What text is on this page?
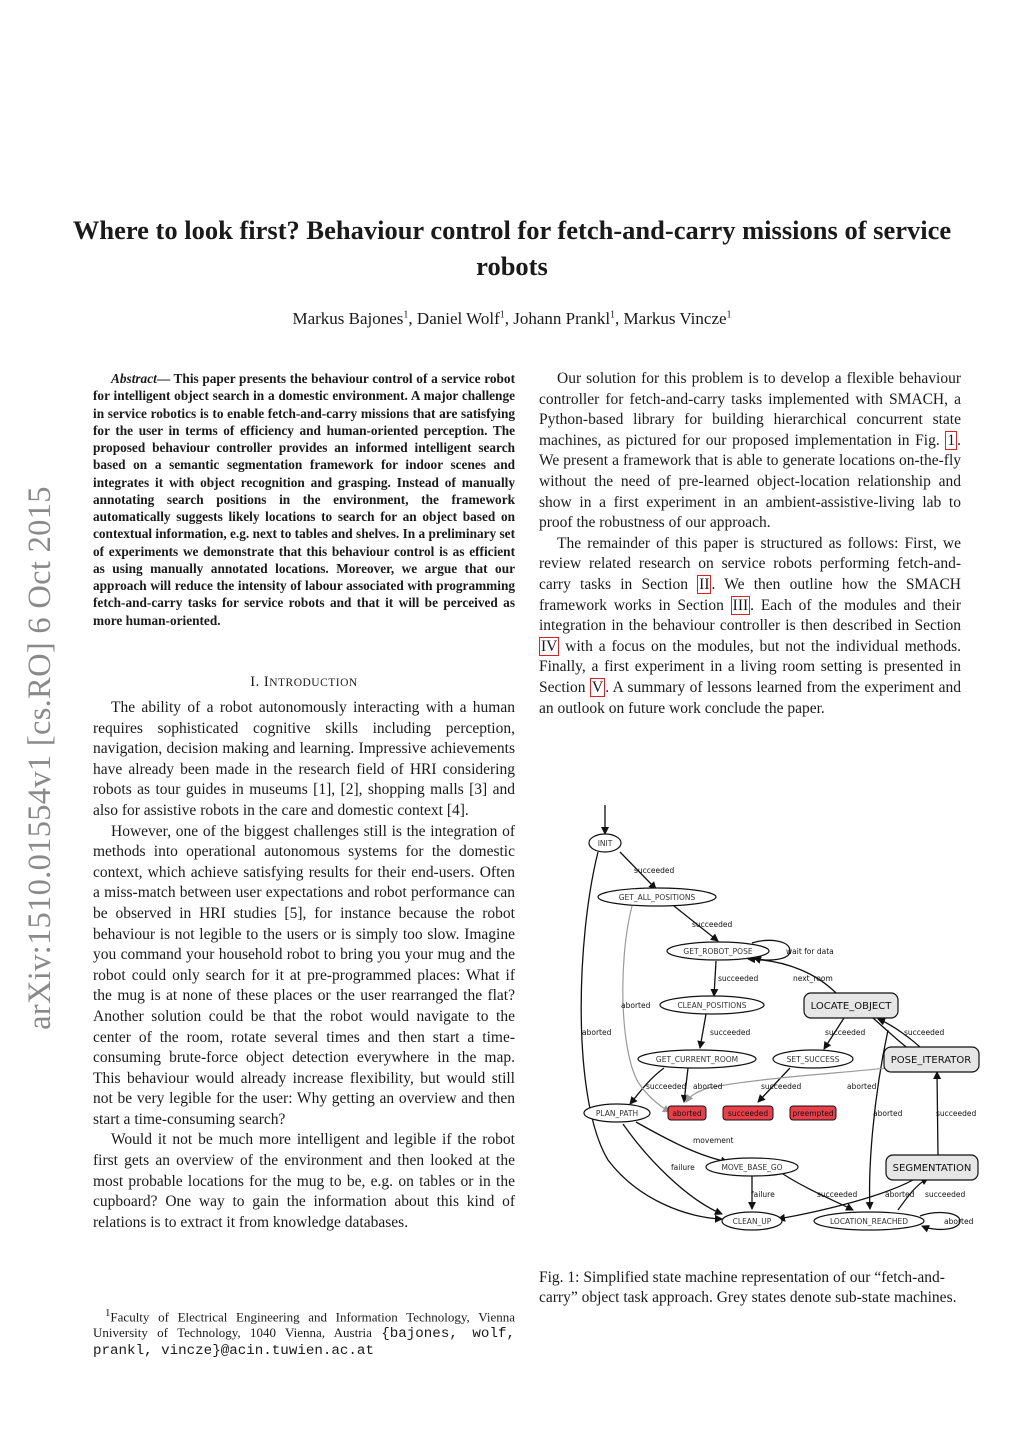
Where to look first? Behaviour control for fetch-and-carry missions of service robots
Markus Bajones$^1$, Daniel Wolf$^1$, Johann Prankl$^1$, Markus Vincze$^1$
arXiv:1510.01554v1 [cs.RO] 6 Oct 2015
Abstract— This paper presents the behaviour control of a service robot for intelligent object search in a domestic environment. A major challenge in service robotics is to enable fetch-and-carry missions that are satisfying for the user in terms of efficiency and human-oriented perception. The proposed behaviour controller provides an informed intelligent search based on a semantic segmentation framework for indoor scenes and integrates it with object recognition and grasping. Instead of manually annotating search positions in the environment, the framework automatically suggests likely locations to search for an object based on contextual information, e.g. next to tables and shelves. In a preliminary set of experiments we demonstrate that this behaviour control is as efficient as using manually annotated locations. Moreover, we argue that our approach will reduce the intensity of labour associated with programming fetch-and-carry tasks for service robots and that it will be perceived as more human-oriented.
I. INTRODUCTION

The ability of a robot autonomously interacting with a human requires sophisticated cognitive skills including perception, navigation, decision making and learning. Impressive achievements have already been made in the research field of HRI considering robots as tour guides in museums [1], [2], shopping malls [3] and also for assistive robots in the care and domestic context [4].

However, one of the biggest challenges still is the integration of methods into operational autonomous systems for the domestic context, which achieve satisfying results for their end-users. Often a miss-match between user expectations and robot performance can be observed in HRI studies [5], for instance because the robot behaviour is not legible to the users or is simply too slow. Imagine you command your household robot to bring you your mug and the robot could only search for it at pre-programmed places: What if the mug is at none of these places or the user rearranged the flat? Another solution could be that the robot would navigate to the center of the room, rotate several times and then start a time-consuming brute-force object detection everywhere in the map. This behaviour would already increase flexibility, but would still not be very legible for the user: Why getting an overview and then start a time-consuming search?

Would it not be much more intelligent and legible if the robot first gets an overview of the environment and then looked at the most probable locations for the mug to be, e.g. on tables or in the cupboard? One way to gain the information about this kind of relations is to extract it from knowledge databases.

$^1$Faculty of Electrical Engineering and Information Technology, Vienna University of Technology, 1040 Vienna, Austria {bajones, wolf, prankl, vincze}@acin.tuwien.ac.at

Our solution for this problem is to develop a flexible behaviour controller for fetch-and-carry tasks implemented with SMACH, a Python-based library for building hierarchical concurrent state machines, as pictured for our proposed implementation in Fig. 1 . We present a framework that is able to generate locations on-the-fly without the need of pre-learned object-location relationship and show in a first experiment in an ambient-assistive-living lab to proof the robustness of our approach.

The remainder of this paper is structured as follows: First, we review related research on service robots performing fetch-and-carry tasks in Section II . We then outline how the SMACH framework works in Section III . Each of the modules and their integration in the behaviour controller is then described in Section IV with a focus on the modules, but not the individual methods. Finally, a first experiment in a living room setting is presented in Section V . A summary of lessons learned from the experiment and an outlook on future work conclude the paper.

INIT
GET_ALL_POSITIONS
GET_ROBOT_POSE
CLEAN_POSITIONS	LOCATE_OBJECT
GET_CURRENT_ROOM	SET_SUCCESS	POSE_ITERATOR
PLAN_PATH	aborted	succeeded	preempted
MOVE_BASE_GO	SEGMENTATION
CLEAN_UP	LOCATION_REACHED
succeeded
succeeded
wait for data
succeeded	next_room
aborted
aborted	succeeded	succeeded	succeeded
succeeded aborted	succeeded	aborted
aborted	succeeded
movement
failure
failure	succeeded	aborted succeeded
aborted
Fig. 1: Simplified state machine representation of our “fetch-and-carry” object task approach. Grey states denote sub-state machines.
